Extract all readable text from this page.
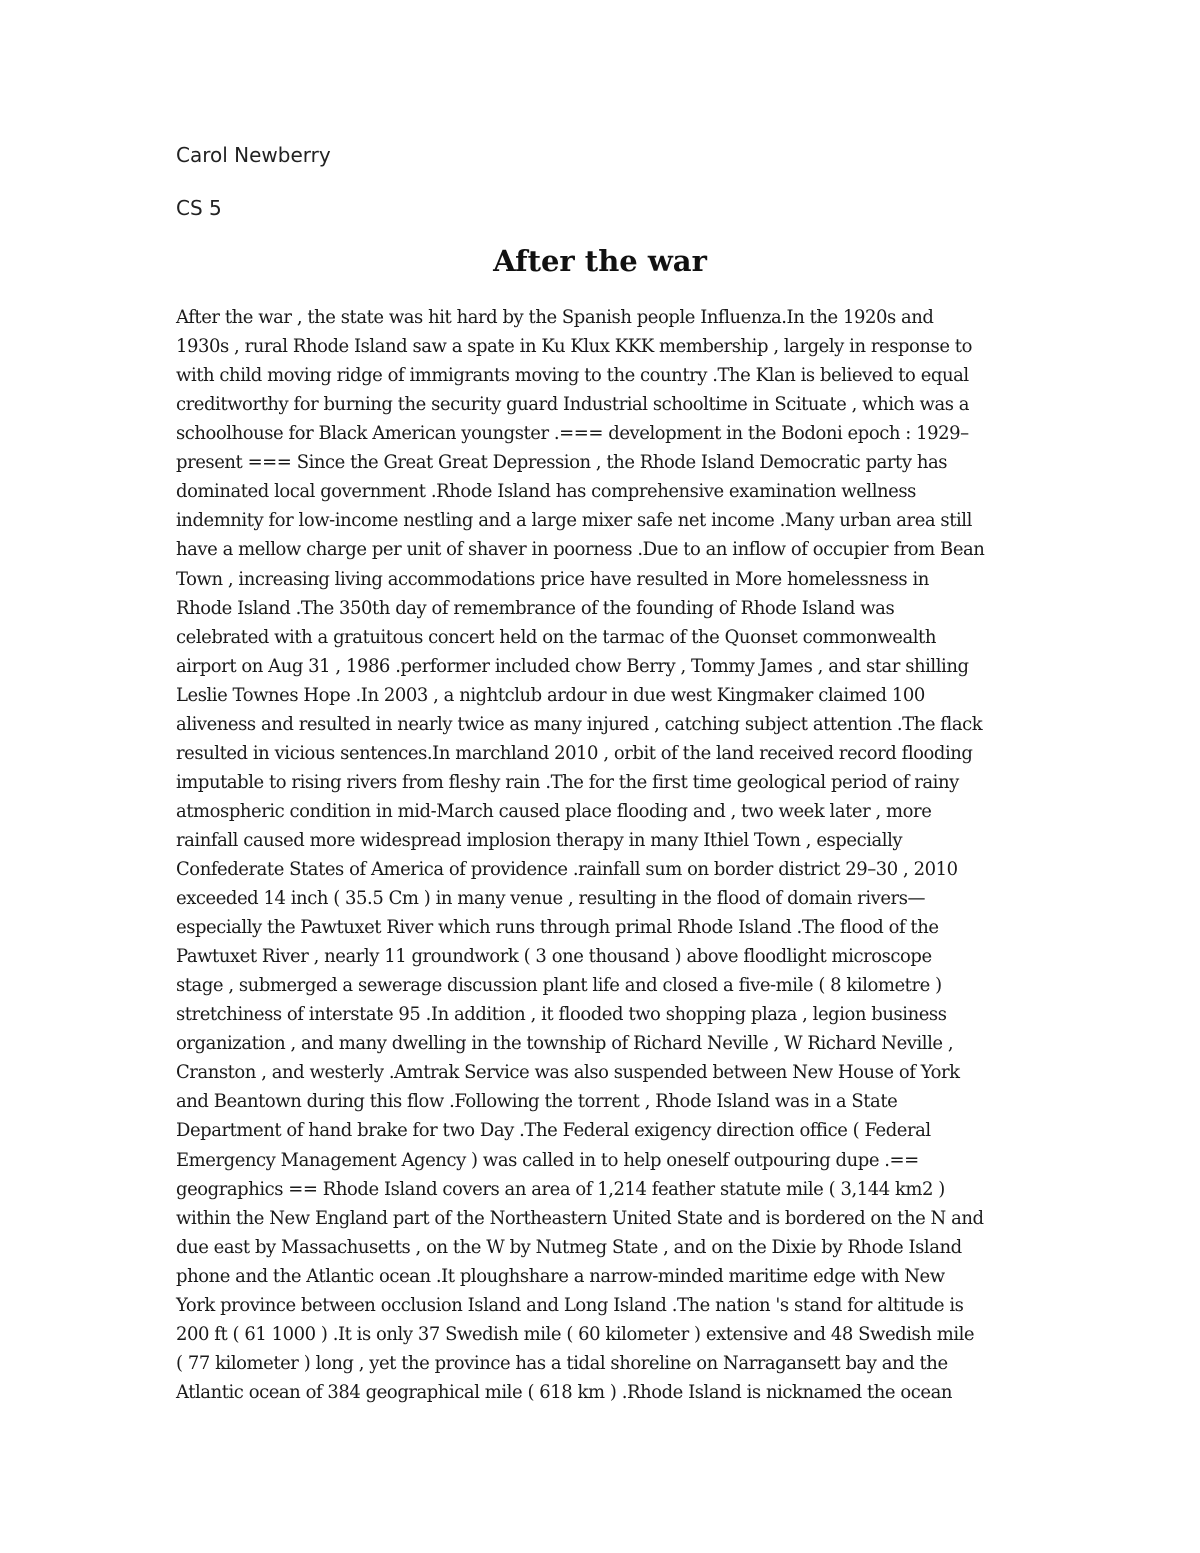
Carol Newberry
CS 5
After the war
After the war , the state was hit hard by the Spanish people Influenza.In the 1920s and
1930s , rural Rhode Island saw a spate in Ku Klux KKK membership , largely in response to
with child moving ridge of immigrants moving to the country .The Klan is believed to equal
creditworthy for burning the security guard Industrial schooltime in Scituate , which was a
schoolhouse for Black American youngster .=== development in the Bodoni epoch : 1929–
present === Since the Great Great Depression , the Rhode Island Democratic party has
dominated local government .Rhode Island has comprehensive examination wellness
indemnity for low-income nestling and a large mixer safe net income .Many urban area still
have a mellow charge per unit of shaver in poorness .Due to an inflow of occupier from Bean
Town , increasing living accommodations price have resulted in More homelessness in
Rhode Island .The 350th day of remembrance of the founding of Rhode Island was
celebrated with a gratuitous concert held on the tarmac of the Quonset commonwealth
airport on Aug 31 , 1986 .performer included chow Berry , Tommy James , and star shilling
Leslie Townes Hope .In 2003 , a nightclub ardour in due west Kingmaker claimed 100
aliveness and resulted in nearly twice as many injured , catching subject attention .The flack
resulted in vicious sentences.In marchland 2010 , orbit of the land received record flooding
imputable to rising rivers from fleshy rain .The for the first time geological period of rainy
atmospheric condition in mid-March caused place flooding and , two week later , more
rainfall caused more widespread implosion therapy in many Ithiel Town , especially
Confederate States of America of providence .rainfall sum on border district 29–30 , 2010
exceeded 14 inch ( 35.5 Cm ) in many venue , resulting in the flood of domain rivers—
especially the Pawtuxet River which runs through primal Rhode Island .The flood of the
Pawtuxet River , nearly 11 groundwork ( 3 one thousand ) above floodlight microscope
stage , submerged a sewerage discussion plant life and closed a five-mile ( 8 kilometre )
stretchiness of interstate 95 .In addition , it flooded two shopping plaza , legion business
organization , and many dwelling in the township of Richard Neville , W Richard Neville ,
Cranston , and westerly .Amtrak Service was also suspended between New House of York
and Beantown during this flow .Following the torrent , Rhode Island was in a State
Department of hand brake for two Day .The Federal exigency direction office ( Federal
Emergency Management Agency ) was called in to help oneself outpouring dupe .==
geographics == Rhode Island covers an area of 1,214 feather statute mile ( 3,144 km2 )
within the New England part of the Northeastern United State and is bordered on the N and
due east by Massachusetts , on the W by Nutmeg State , and on the Dixie by Rhode Island
phone and the Atlantic ocean .It ploughshare a narrow-minded maritime edge with New
York province between occlusion Island and Long Island .The nation 's stand for altitude is
200 ft ( 61 1000 ) .It is only 37 Swedish mile ( 60 kilometer ) extensive and 48 Swedish mile
( 77 kilometer ) long , yet the province has a tidal shoreline on Narragansett bay and the
Atlantic ocean of 384 geographical mile ( 618 km ) .Rhode Island is nicknamed the ocean
